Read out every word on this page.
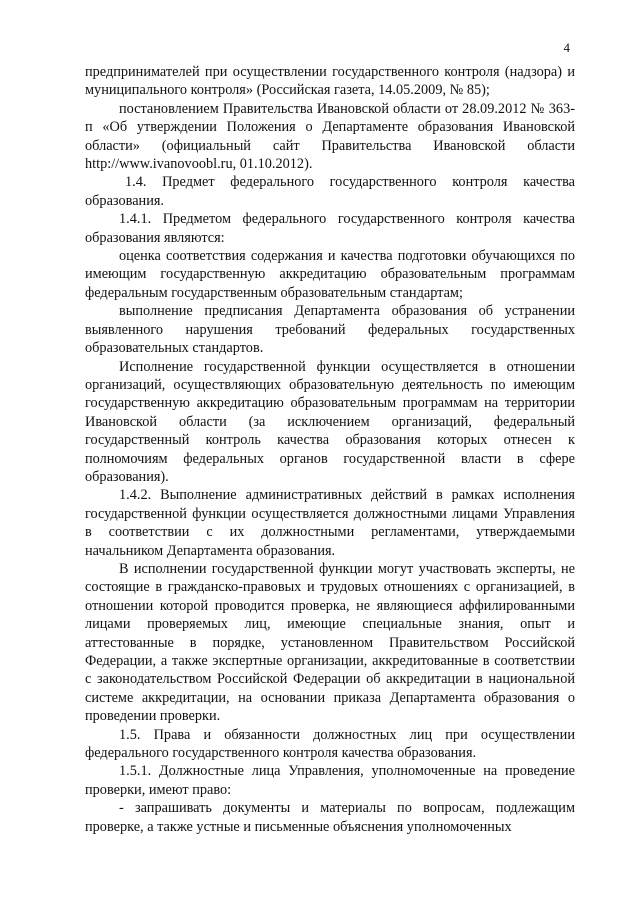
4

предпринимателей при осуществлении государственного контроля (надзора) и муниципального контроля» (Российская газета, 14.05.2009, № 85);

постановлением Правительства Ивановской области от 28.09.2012 № 363-п «Об утверждении Положения о Департаменте образования Ивановской области» (официальный сайт Правительства Ивановской области http://www.ivanovoobl.ru, 01.10.2012).

1.4. Предмет федерального государственного контроля качества образования.

1.4.1. Предметом федерального государственного контроля качества образования являются:

оценка соответствия содержания и качества подготовки обучающихся по имеющим государственную аккредитацию образовательным программам федеральным государственным образовательным стандартам;

выполнение предписания Департамента образования об устранении выявленного нарушения требований федеральных государственных образовательных стандартов.

Исполнение государственной функции осуществляется в отношении организаций, осуществляющих образовательную деятельность по имеющим государственную аккредитацию образовательным программам на территории Ивановской области (за исключением организаций, федеральный государственный контроль качества образования которых отнесен к полномочиям федеральных органов государственной власти в сфере образования).

1.4.2. Выполнение административных действий в рамках исполнения государственной функции осуществляется должностными лицами Управления в соответствии с их должностными регламентами, утверждаемыми начальником Департамента образования.

В исполнении государственной функции могут участвовать эксперты, не состоящие в гражданско-правовых и трудовых отношениях с организацией, в отношении которой проводится проверка, не являющиеся аффилированными лицами проверяемых лиц, имеющие специальные знания, опыт и аттестованные в порядке, установленном Правительством Российской Федерации, а также экспертные организации, аккредитованные в соответствии с законодательством Российской Федерации об аккредитации в национальной системе аккредитации, на основании приказа Департамента образования о проведении проверки.

1.5. Права и обязанности должностных лиц при осуществлении федерального государственного контроля качества образования.

1.5.1. Должностные лица Управления, уполномоченные на проведение проверки, имеют право:

- запрашивать документы и материалы по вопросам, подлежащим проверке, а также устные и письменные объяснения уполномоченных
